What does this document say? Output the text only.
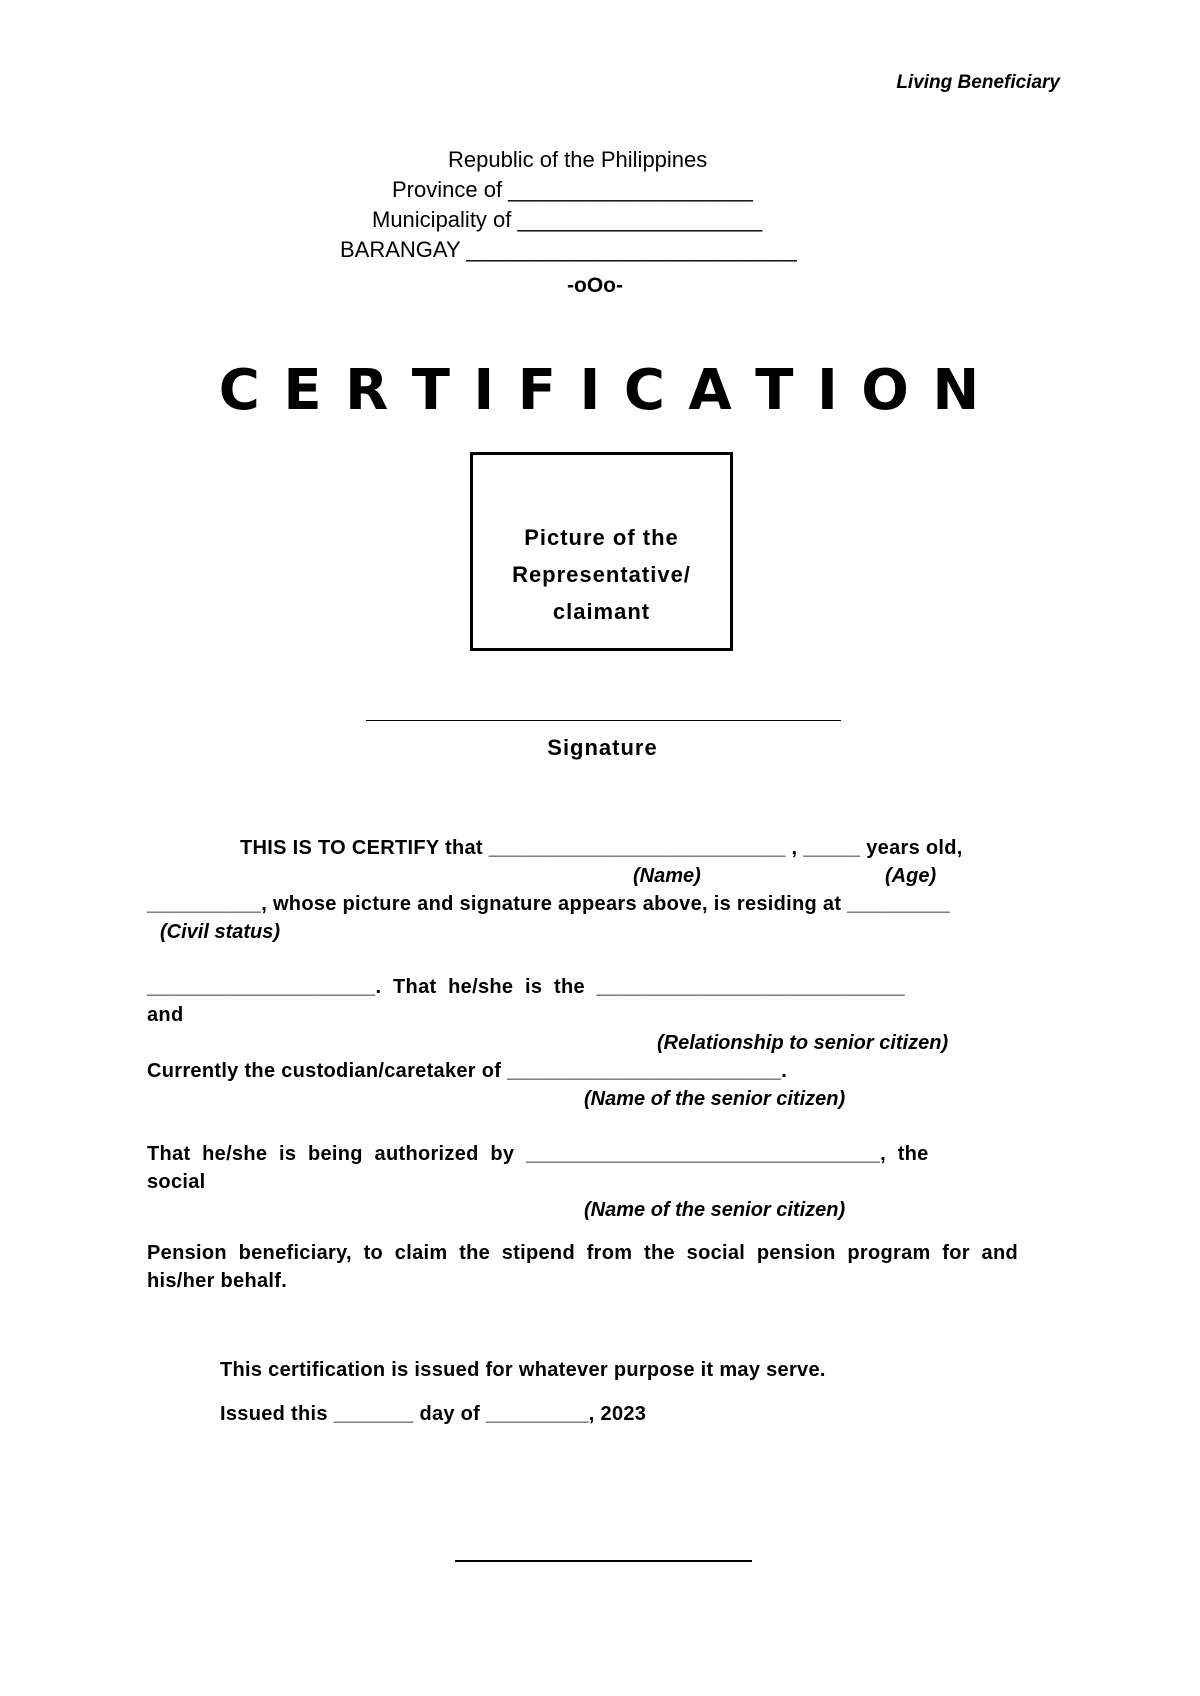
Living Beneficiary
Republic of the Philippines
Province of ____________________
Municipality of ____________________
BARANGAY ___________________________
-oOo-
C E R T I F I C A T I O N
Picture of the
Representative/
claimant
Signature
THIS IS TO CERTIFY that __________________________ , _____ years old,
(Name)	(Age)
__________, whose picture and signature appears above, is residing at _________
(Civil status)
____________________.  That  he/she  is  the  ___________________________
and
(Relationship to senior citizen)
Currently the custodian/caretaker of ________________________.
(Name of the senior citizen)
That  he/she  is  being  authorized  by  _______________________________,  the
social
(Name of the senior citizen)
Pension  beneficiary,  to  claim  the  stipend  from  the  social  pension  program  for  and
his/her behalf.
This certification is issued for whatever purpose it may serve.
Issued this _______ day of _________, 2023
